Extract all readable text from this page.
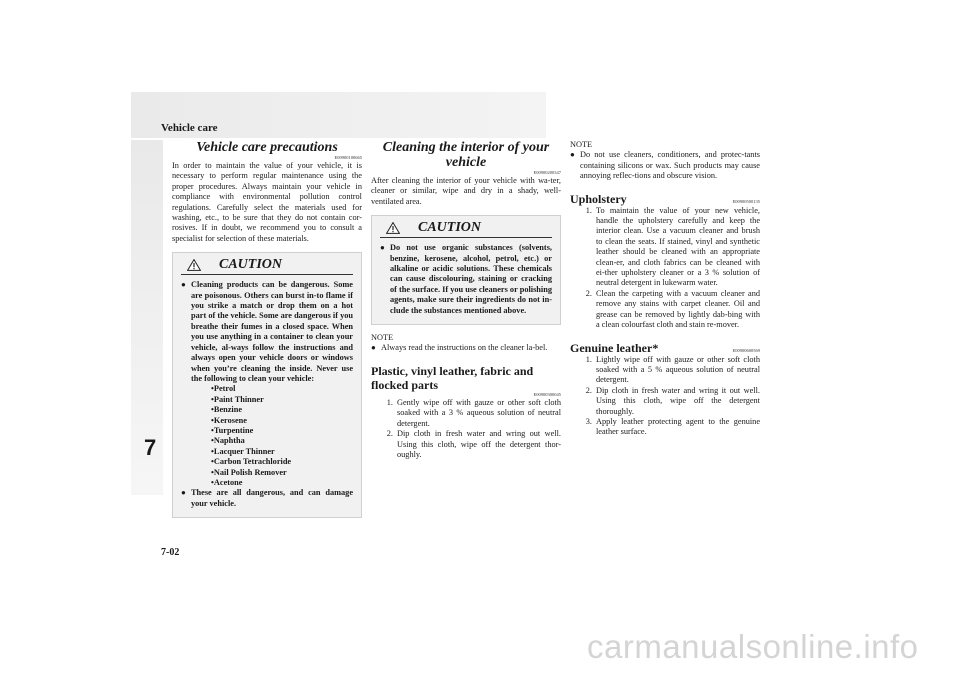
Vehicle care
7
7-02
carmanualsonline.info
Vehicle care precautions

E00900100665

In order to maintain the value of your vehicle, it is necessary to perform regular maintenance using the proper procedures. Always maintain your vehicle in compliance with environmental pollution control regulations. Carefully select the materials used for washing, etc., to be sure that they do not contain cor-rosives. If in doubt, we recommend you to consult a specialist for selection of these materials.

CAUTION
● Cleaning products can be dangerous. Some are poisonous. Others can burst in-to flame if you strike a match or drop them on a hot part of the vehicle. Some are dangerous if you breathe their fumes in a closed space. When you use anything in a container to clean your vehicle, al-ways follow the instructions and always open your vehicle doors or windows when you’re cleaning the inside. Never use the following to clean your vehicle:

• Petrol
• Paint Thinner
• Benzine
• Kerosene
• Turpentine
• Naphtha
• Lacquer Thinner
• Carbon Tetrachloride
• Nail Polish Remover
• Acetone
● These are all dangerous, and can damage your vehicle.

Cleaning the interior of your vehicle

E00900200347

After cleaning the interior of your vehicle with wa-ter, cleaner or similar, wipe and dry in a shady, well-ventilated area.

CAUTION
● Do not use organic substances (solvents, benzine, kerosene, alcohol, petrol, etc.) or alkaline or acidic solutions. These chemicals can cause discolouring, staining or cracking of the surface. If you use cleaners or polishing agents, make sure their ingredients do not in-clude the substances mentioned above.

NOTE
● Always read the instructions on the cleaner la-bel.

Plastic, vinyl leather, fabric and flocked parts

E00900300045

1. Gently wipe off with gauze or other soft cloth soaked with a 3 % aqueous solution of neutral detergent.
2. Dip cloth in fresh water and wring out well. Using this cloth, wipe off the detergent thor-oughly.
NOTE
● Do not use cleaners, conditioners, and protec-tants containing silicons or wax. Such products may cause annoying reflec-tions and obscure vision.

Upholstery	E00900500135
1. To maintain the value of your new vehicle, handle the upholstery carefully and keep the interior clean. Use a vacuum cleaner and brush to clean the seats. If stained, vinyl and synthetic leather should be cleaned with an appropriate clean-er, and cloth fabrics can be cleaned with ei-ther upholstery cleaner or a 3 % solution of neutral detergent in lukewarm water.
2. Clean the carpeting with a vacuum cleaner and remove any stains with carpet cleaner. Oil and grease can be removed by lightly dab-bing with a clean colourfast cloth and stain re-mover.
Genuine leather*	E00900600569
1. Lightly wipe off with gauze or other soft cloth soaked with a 5 % aqueous solution of neutral detergent.
2. Dip cloth in fresh water and wring it out well. Using this cloth, wipe off the detergent thoroughly.
3. Apply leather protecting agent to the genuine leather surface.
